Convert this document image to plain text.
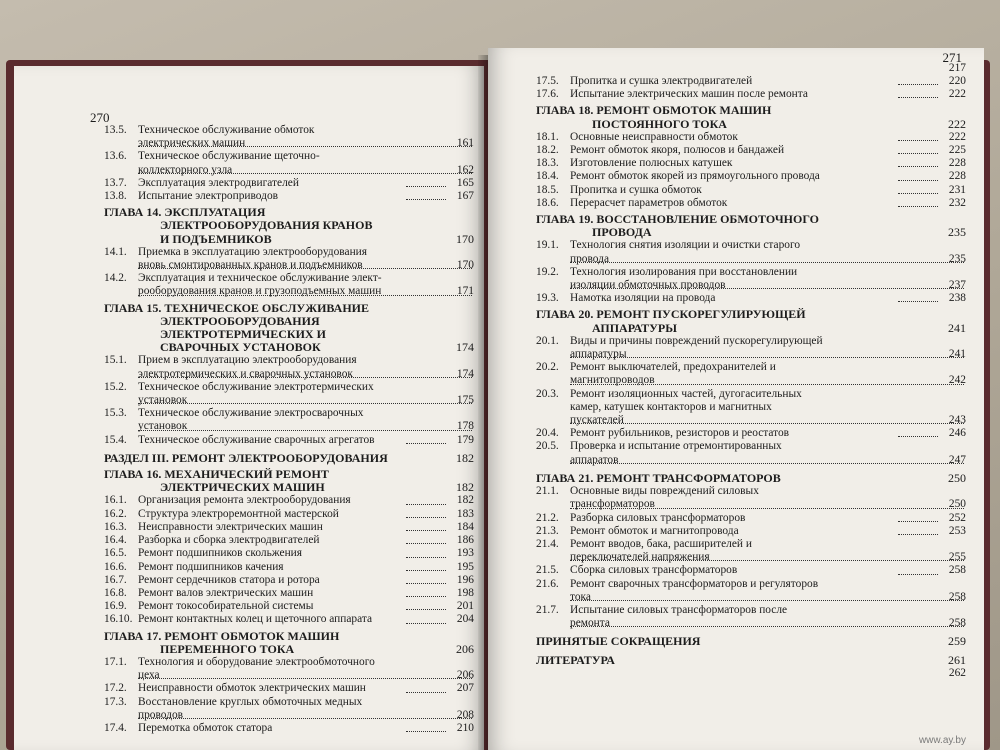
270
13.5. Техническое обслуживание обмоток
электрических машин	161
13.6. Техническое обслуживание щеточно-
коллекторного узла	162
13.7. Эксплуатация электродвигателей	165
13.8. Испытание электроприводов	167
ГЛАВА 14. ЭКСПЛУАТАЦИЯ
ЭЛЕКТРООБОРУДОВАНИЯ КРАНОВ
И ПОДЪЕМНИКОВ	170
14.1. Приемка в эксплуатацию электрооборудования
вновь смонтированных кранов и подъемников	170
14.2. Эксплуатация и техническое обслуживание элект-
рооборудования кранов и грузоподъемных машин	171
ГЛАВА 15. ТЕХНИЧЕСКОЕ ОБСЛУЖИВАНИЕ
ЭЛЕКТРООБОРУДОВАНИЯ
ЭЛЕКТРОТЕРМИЧЕСКИХ И
СВАРОЧНЫХ УСТАНОВОК	174
15.1. Прием в эксплуатацию электрооборудования
электротермических и сварочных установок	174
15.2. Техническое обслуживание электротермических
установок	175
15.3. Техническое обслуживание электросварочных
установок	178
15.4. Техническое обслуживание сварочных агрегатов	179
РАЗДЕЛ III. РЕМОНТ ЭЛЕКТРООБОРУДОВАНИЯ	182
ГЛАВА 16. МЕХАНИЧЕСКИЙ РЕМОНТ
ЭЛЕКТРИЧЕСКИХ МАШИН	182
16.1. Организация ремонта электрооборудования	182
16.2. Структура электроремонтной мастерской	183
16.3. Неисправности электрических машин	184
16.4. Разборка и сборка электродвигателей	186
16.5. Ремонт подшипников скольжения	193
16.6. Ремонт подшипников качения	195
16.7. Ремонт сердечников статора и ротора	196
16.8. Ремонт валов электрических машин	198
16.9. Ремонт токособирательной системы	201
16.10. Ремонт контактных колец и щеточного аппарата	204
ГЛАВА 17. РЕМОНТ ОБМОТОК МАШИН
ПЕРЕМЕННОГО ТОКА	206
17.1. Технология и оборудование электрообмоточного
цеха	206
17.2. Неисправности обмоток электрических машин	207
17.3. Восстановление круглых обмоточных медных
проводов	208
17.4. Перемотка обмоток статора	210
271
217
17.5. Пропитка и сушка электродвигателей	220
17.6. Испытание электрических машин после ремонта	222
ГЛАВА 18. РЕМОНТ ОБМОТОК МАШИН
ПОСТОЯННОГО ТОКА	222
18.1. Основные неисправности обмоток	222
18.2. Ремонт обмоток якоря, полюсов и бандажей	225
18.3. Изготовление полюсных катушек	228
18.4. Ремонт обмоток якорей из прямоугольного провода	228
18.5. Пропитка и сушка обмоток	231
18.6. Перерасчет параметров обмоток	232
ГЛАВА 19. ВОССТАНОВЛЕНИЕ ОБМОТОЧНОГО
ПРОВОДА	235
19.1. Технология снятия изоляции и очистки старого
провода	235
19.2. Технология изолирования при восстановлении
изоляции обмоточных проводов	237
19.3. Намотка изоляции на провода	238
ГЛАВА 20. РЕМОНТ ПУСКОРЕГУЛИРУЮЩЕЙ
АППАРАТУРЫ	241
20.1. Виды и причины повреждений пускорегулирующей
аппаратуры	241
20.2. Ремонт выключателей, предохранителей и
магнитопроводов	242
20.3. Ремонт изоляционных частей, дугогасительных
камер, катушек контакторов и магнитных
пускателей	243
20.4. Ремонт рубильников, резисторов и реостатов	246
20.5. Проверка и испытание отремонтированных
аппаратов	247
ГЛАВА 21. РЕМОНТ ТРАНСФОРМАТОРОВ	250
21.1. Основные виды повреждений силовых
трансформаторов	250
21.2. Разборка силовых трансформаторов	252
21.3. Ремонт обмоток и магнитопровода	253
21.4. Ремонт вводов, бака, расширителей и
переключателей напряжения	255
21.5. Сборка силовых трансформаторов	258
21.6. Ремонт сварочных трансформаторов и регуляторов
тока	258
21.7. Испытание силовых трансформаторов после
ремонта	258
ПРИНЯТЫЕ СОКРАЩЕНИЯ	259
ЛИТЕРАТУРА	261
262
www.ay.by
